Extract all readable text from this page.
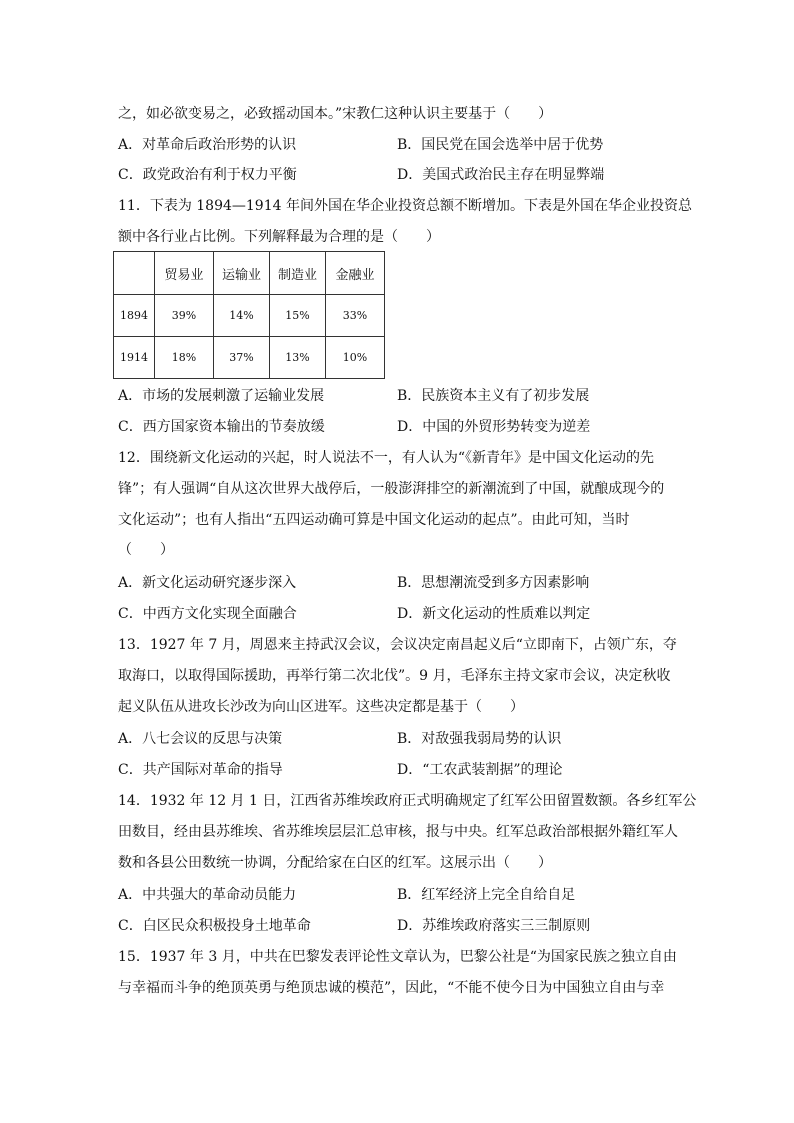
之，如必欲变易之，必致摇动国本。”宋教仁这种认识主要基于（　　）
A．对革命后政治形势的认识	B．国民党在国会选举中居于优势
C．政党政治有利于权力平衡	D．美国式政治民主存在明显弊端
11．下表为 1894—1914 年间外国在华企业投资总额不断增加。下表是外国在华企业投资总
额中各行业占比例。下列解释最为合理的是（　　）
	贸易业	运输业	制造业	金融业
1894	39%	14%	15%	33%
1914	18%	37%	13%	10%
A．市场的发展刺激了运输业发展	B．民族资本主义有了初步发展
C．西方国家资本输出的节奏放缓	D．中国的外贸形势转变为逆差
12．围绕新文化运动的兴起，时人说法不一，有人认为“《新青年》是中国文化运动的先
锋”；有人强调“自从这次世界大战停后，一般澎湃排空的新潮流到了中国，就酿成现今的
文化运动”；也有人指出“五四运动确可算是中国文化运动的起点”。由此可知，当时
（　　）
A．新文化运动研究逐步深入	B．思想潮流受到多方因素影响
C．中西方文化实现全面融合	D．新文化运动的性质难以判定
13．1927 年 7 月，周恩来主持武汉会议，会议决定南昌起义后“立即南下，占领广东，夺
取海口，以取得国际援助，再举行第二次北伐”。9 月，毛泽东主持文家市会议，决定秋收
起义队伍从进攻长沙改为向山区进军。这些决定都是基于（　　）
A．八七会议的反思与决策	B．对敌强我弱局势的认识
C．共产国际对革命的指导	D．“工农武装割据”的理论
14．1932 年 12 月 1 日，江西省苏维埃政府正式明确规定了红军公田留置数额。各乡红军公
田数目，经由县苏维埃、省苏维埃层层汇总审核，报与中央。红军总政治部根据外籍红军人
数和各县公田数统一协调，分配给家在白区的红军。这展示出（　　）
A．中共强大的革命动员能力	B．红军经济上完全自给自足
C．白区民众积极投身土地革命	D．苏维埃政府落实三三制原则
15．1937 年 3 月，中共在巴黎发表评论性文章认为，巴黎公社是“为国家民族之独立自由
与幸福而斗争的绝顶英勇与绝顶忠诚的模范”，因此，“不能不使今日为中国独立自由与幸
